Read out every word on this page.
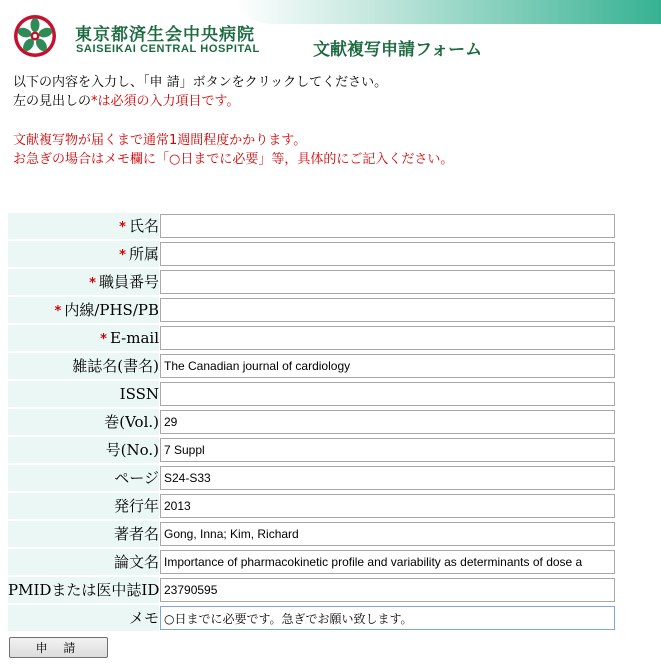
東京都済生会中央病院
SAISEIKAI CENTRAL HOSPITAL	文献複写申請フォーム
以下の内容を入力し、「申 請」ボタンをクリックしてください。
左の見出しの*は必須の入力項目です。
文献複写物が届くまで通常1週間程度かかります。
お急ぎの場合はメモ欄に「○日までに必要」等，具体的にご記入ください。
* 氏名
* 所属
* 職員番号
* 内線/PHS/PB
* E-mail
雑誌名(書名)
The Canadian journal of cardiology
ISSN
巻(Vol.)
29
号(No.)
7 Suppl
ページ
S24-S33
発行年
2013
著者名
Gong, Inna; Kim, Richard
論文名
Importance of pharmacokinetic profile and variability as determinants of dose a
PMIDまたは医中誌ID
23790595
メモ
○日までに必要です。急ぎでお願い致します。
申 請
